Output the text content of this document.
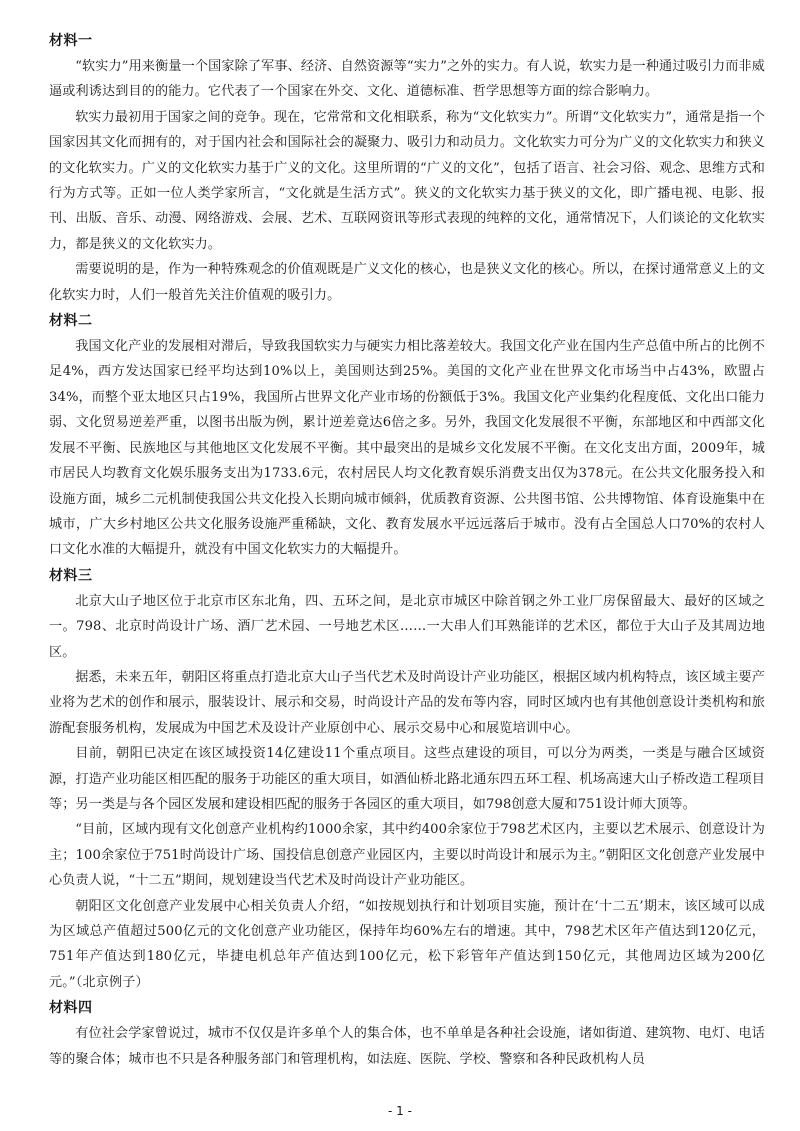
材料一

“软实力”用来衡量一个国家除了军事、经济、自然资源等“实力”之外的实力。有人说，软实力是一种通过吸引力而非威逼或利诱达到目的的能力。它代表了一个国家在外交、文化、道德标准、哲学思想等方面的综合影响力。

软实力最初用于国家之间的竞争。现在，它常常和文化相联系，称为“文化软实力”。所谓“文化软实力”，通常是指一个国家因其文化而拥有的，对于国内社会和国际社会的凝聚力、吸引力和动员力。文化软实力可分为广义的文化软实力和狭义的文化软实力。广义的文化软实力基于广义的文化。这里所谓的“广义的文化”，包括了语言、社会习俗、观念、思维方式和行为方式等。正如一位人类学家所言，“文化就是生活方式”。狭义的文化软实力基于狭义的文化，即广播电视、电影、报刊、出版、音乐、动漫、网络游戏、会展、艺术、互联网资讯等形式表现的纯粹的文化，通常情况下，人们谈论的文化软实力，都是狭义的文化软实力。

需要说明的是，作为一种特殊观念的价值观既是广义文化的核心，也是狭义文化的核心。所以，在探讨通常意义上的文化软实力时，人们一般首先关注价值观的吸引力。

材料二

我国文化产业的发展相对滞后，导致我国软实力与硬实力相比落差较大。我国文化产业在国内生产总值中所占的比例不足4%，西方发达国家已经平均达到10%以上，美国则达到25%。美国的文化产业在世界文化市场当中占43%，欧盟占34%，而整个亚太地区只占19%，我国所占世界文化产业市场的份额低于3%。我国文化产业集约化程度低、文化出口能力弱、文化贸易逆差严重，以图书出版为例，累计逆差竟达6倍之多。另外，我国文化发展很不平衡，东部地区和中西部文化发展不平衡、民族地区与其他地区文化发展不平衡。其中最突出的是城乡文化发展不平衡。在文化支出方面，2009年，城市居民人均教育文化娱乐服务支出为1733.6元，农村居民人均文化教育娱乐消费支出仅为378元。在公共文化服务投入和设施方面，城乡二元机制使我国公共文化投入长期向城市倾斜，优质教育资源、公共图书馆、公共博物馆、体育设施集中在城市，广大乡村地区公共文化服务设施严重稀缺，文化、教育发展水平远远落后于城市。没有占全国总人口70%的农村人口文化水准的大幅提升，就没有中国文化软实力的大幅提升。

材料三

北京大山子地区位于北京市区东北角，四、五环之间，是北京市城区中除首钢之外工业厂房保留最大、最好的区域之一。798、北京时尚设计广场、酒厂艺术园、一号地艺术区……一大串人们耳熟能详的艺术区，都位于大山子及其周边地区。

据悉，未来五年，朝阳区将重点打造北京大山子当代艺术及时尚设计产业功能区，根据区域内机构特点，该区域主要产业将为艺术的创作和展示，服装设计、展示和交易，时尚设计产品的发布等内容，同时区域内也有其他创意设计类机构和旅游配套服务机构，发展成为中国艺术及设计产业原创中心、展示交易中心和展览培训中心。

目前，朝阳已决定在该区域投资14亿建设11个重点项目。这些点建设的项目，可以分为两类，一类是与融合区域资源，打造产业功能区相匹配的服务于功能区的重大项目，如酒仙桥北路北通东四五环工程、机场高速大山子桥改造工程项目等；另一类是与各个园区发展和建设相匹配的服务于各园区的重大项目，如798创意大厦和751设计师大顶等。

“目前，区域内现有文化创意产业机构约1000余家，其中约400余家位于798艺术区内，主要以艺术展示、创意设计为主；100余家位于751时尚设计广场、国投信息创意产业园区内，主要以时尚设计和展示为主。”朝阳区文化创意产业发展中心负责人说，“十二五”期间，规划建设当代艺术及时尚设计产业功能区。

朝阳区文化创意产业发展中心相关负责人介绍，“如按规划执行和计划项目实施，预计在‘十二五’期末，该区域可以成为区域总产值超过500亿元的文化创意产业功能区，保持年均60%左右的增速。其中，798艺术区年产值达到120亿元，751年产值达到180亿元，毕捷电机总年产值达到100亿元，松下彩管年产值达到150亿元，其他周边区域为200亿元。”（北京例子）

材料四

有位社会学家曾说过，城市不仅仅是许多单个人的集合体，也不单单是各种社会设施，诸如街道、建筑物、电灯、电话等的聚合体；城市也不只是各种服务部门和管理机构，如法庭、医院、学校、警察和各种民政机构人员

- 1 -
